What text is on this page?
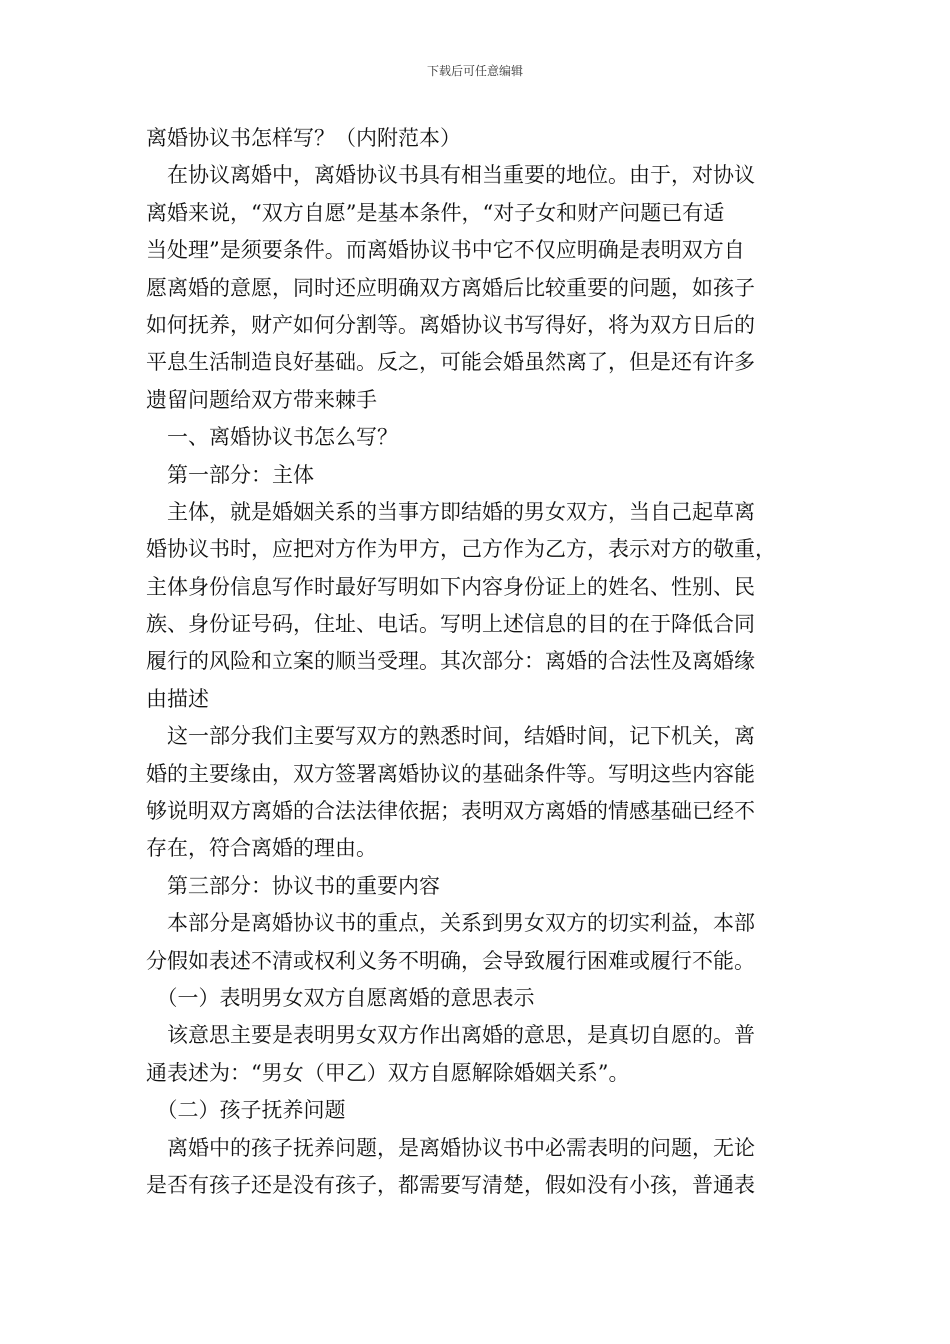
下载后可任意编辑
离婚协议书怎样写？（内附范本）
　在协议离婚中，离婚协议书具有相当重要的地位。由于，对协议
离婚来说，“双方自愿”是基本条件，“对子女和财产问题已有适
当处理”是须要条件。而离婚协议书中它不仅应明确是表明双方自
愿离婚的意愿，同时还应明确双方离婚后比较重要的问题，如孩子
如何抚养，财产如何分割等。离婚协议书写得好，将为双方日后的
平息生活制造良好基础。反之，可能会婚虽然离了，但是还有许多
遗留问题给双方带来棘手
　一、离婚协议书怎么写？
　第一部分：主体
　主体，就是婚姻关系的当事方即结婚的男女双方，当自己起草离
婚协议书时，应把对方作为甲方，己方作为乙方，表示对方的敬重，
主体身份信息写作时最好写明如下内容身份证上的姓名、性别、民
族、身份证号码，住址、电话。写明上述信息的目的在于降低合同
履行的风险和立案的顺当受理。其次部分：离婚的合法性及离婚缘
由描述
　这一部分我们主要写双方的熟悉时间，结婚时间，记下机关，离
婚的主要缘由，双方签署离婚协议的基础条件等。写明这些内容能
够说明双方离婚的合法法律依据；表明双方离婚的情感基础已经不
存在，符合离婚的理由。
　第三部分：协议书的重要内容
　本部分是离婚协议书的重点，关系到男女双方的切实利益，本部
分假如表述不清或权利义务不明确，会导致履行困难或履行不能。
　（一）表明男女双方自愿离婚的意思表示
　该意思主要是表明男女双方作出离婚的意思，是真切自愿的。普
通表述为：“男女（甲乙）双方自愿解除婚姻关系”。
　（二）孩子抚养问题
　离婚中的孩子抚养问题，是离婚协议书中必需表明的问题，无论
是否有孩子还是没有孩子，都需要写清楚，假如没有小孩，普通表
